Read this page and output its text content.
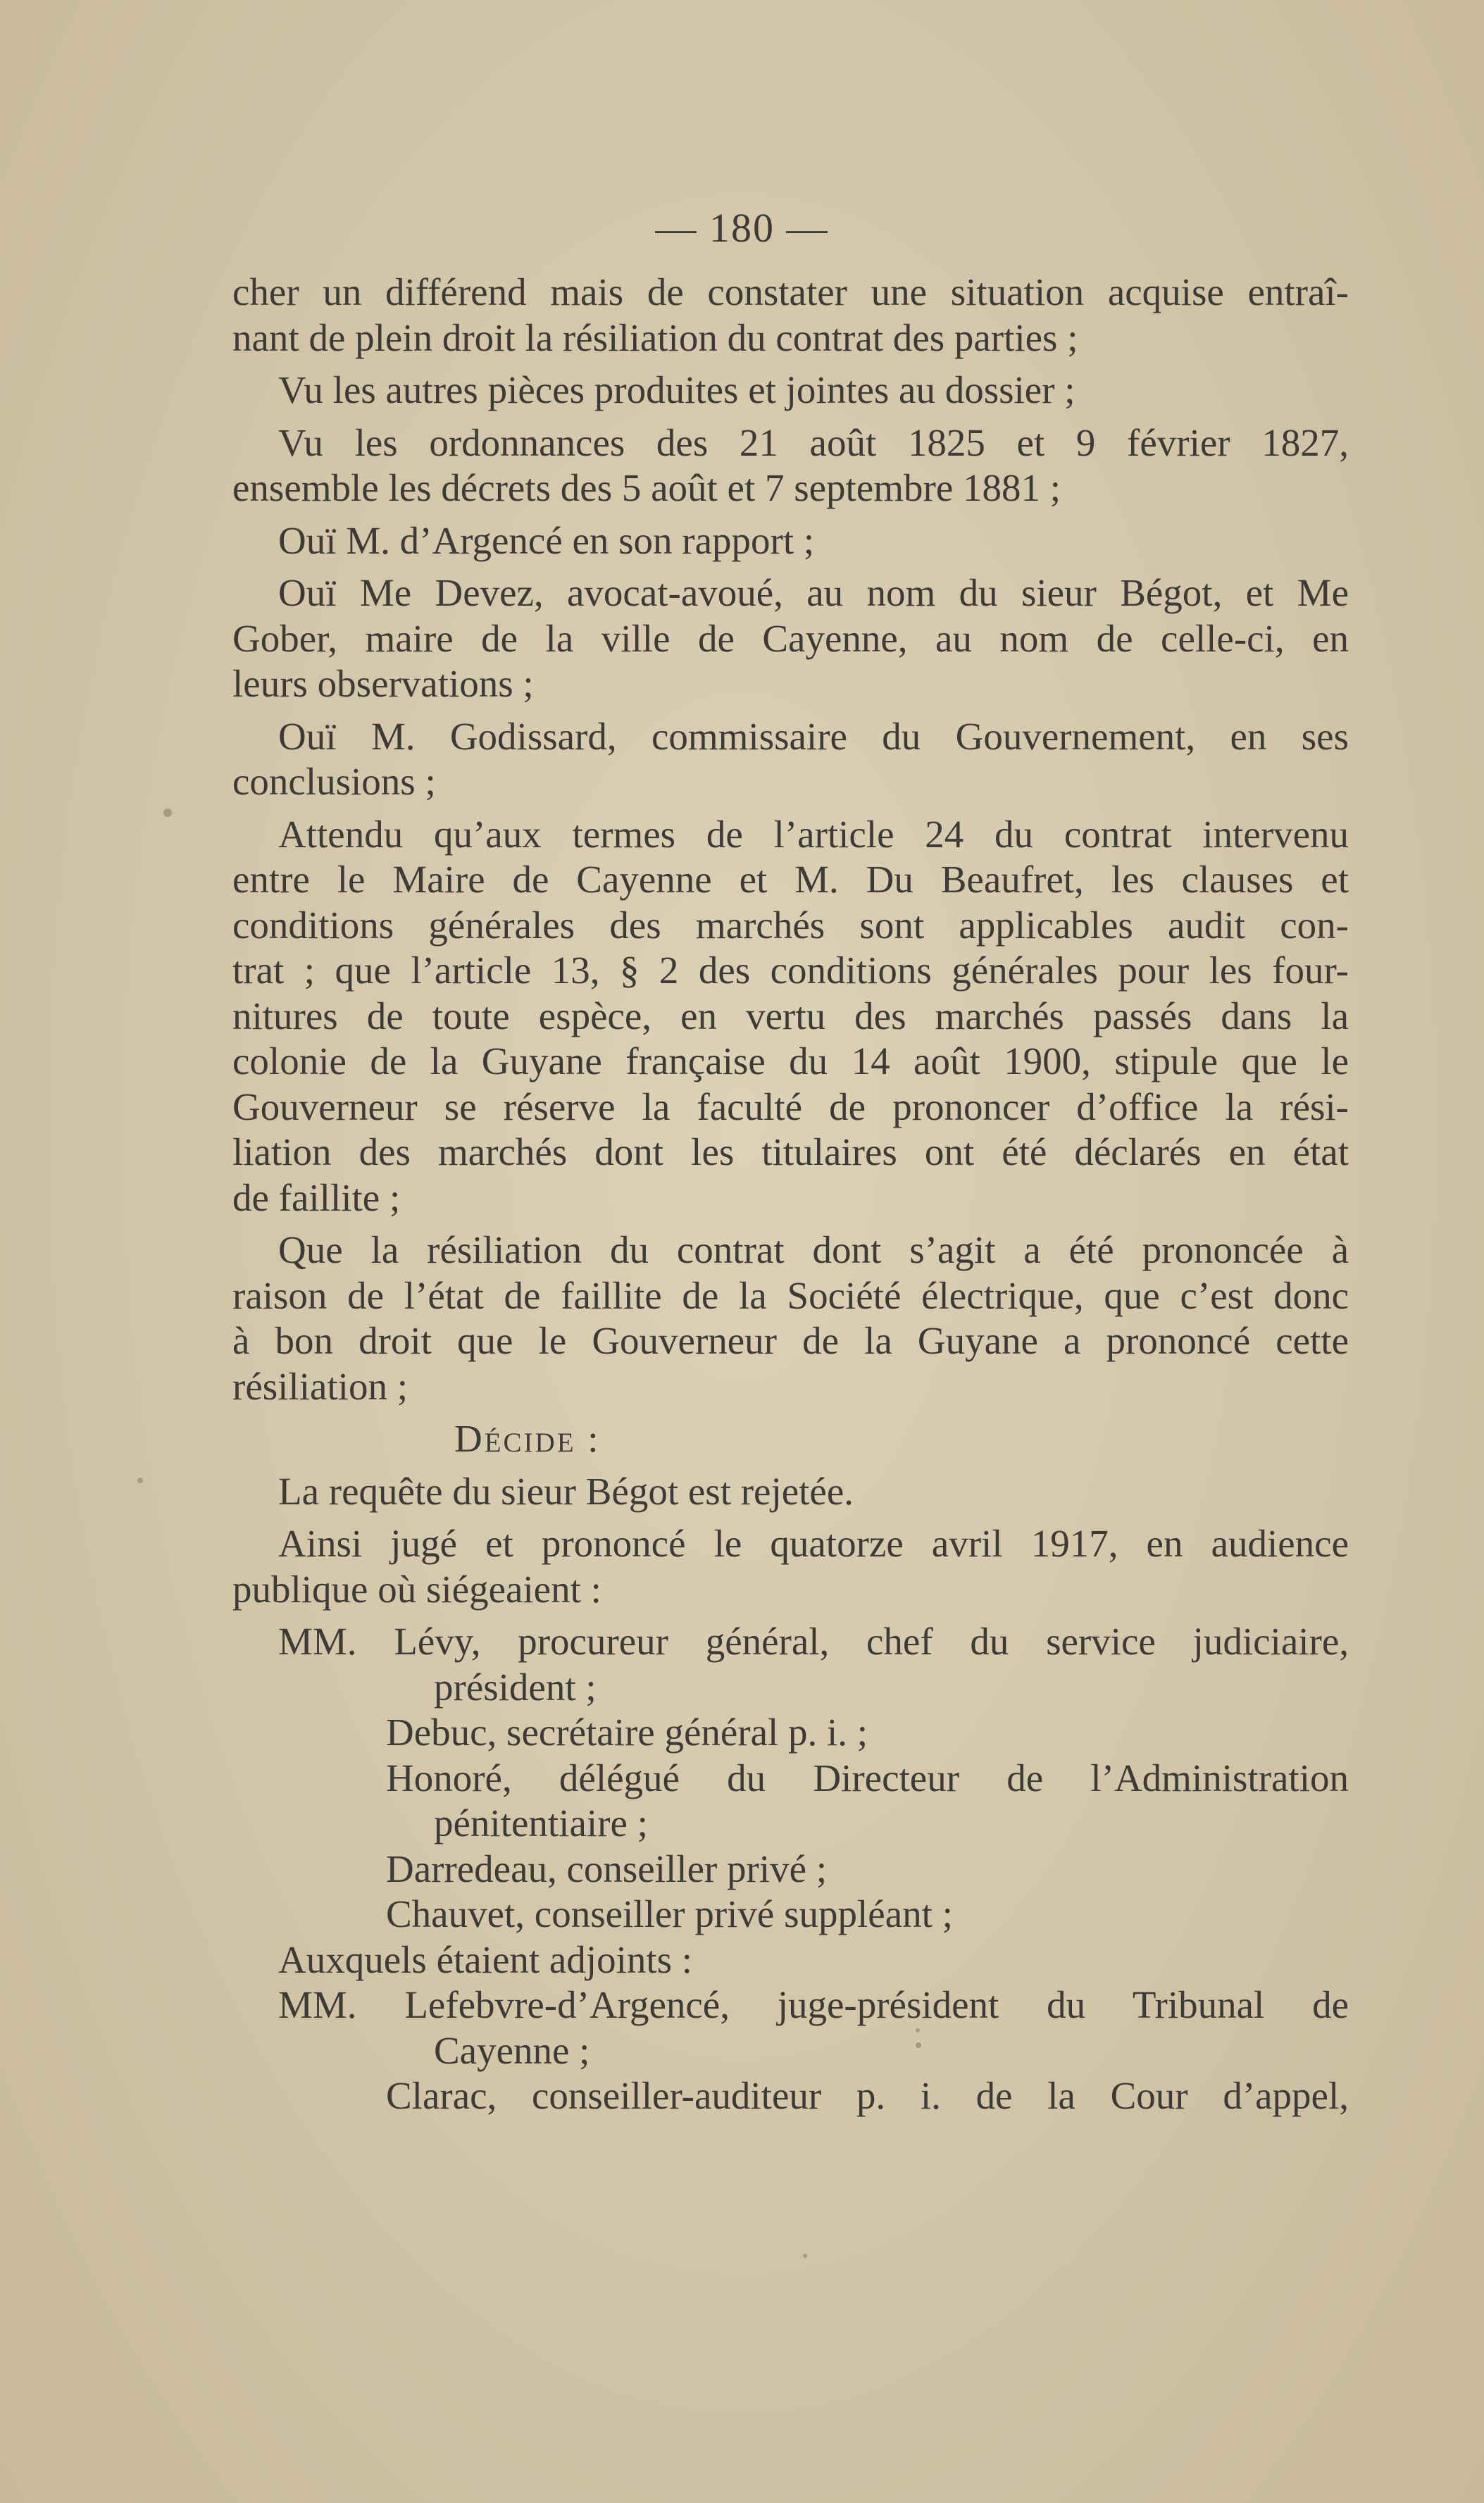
— 180 —
cher un différend mais de constater une situation acquise entraî-
nant de plein droit la résiliation du contrat des parties ;
Vu les autres pièces produites et jointes au dossier ;
Vu les ordonnances des 21 août 1825 et 9 février 1827,
ensemble les décrets des 5 août et 7 septembre 1881 ;
Ouï M. d’Argencé en son rapport ;
Ouï Me Devez, avocat-avoué, au nom du sieur Bégot, et Me
Gober, maire de la ville de Cayenne, au nom de celle-ci, en
leurs observations ;
Ouï M. Godissard, commissaire du Gouvernement, en ses
conclusions ;
Attendu qu’aux termes de l’article 24 du contrat intervenu
entre le Maire de Cayenne et M. Du Beaufret, les clauses et
conditions générales des marchés sont applicables audit con-
trat ; que l’article 13, § 2 des conditions générales pour les four-
nitures de toute espèce, en vertu des marchés passés dans la
colonie de la Guyane française du 14 août 1900, stipule que le
Gouverneur se réserve la faculté de prononcer d’office la rési-
liation des marchés dont les titulaires ont été déclarés en état
de faillite ;
Que la résiliation du contrat dont s’agit a été prononcée à
raison de l’état de faillite de la Société électrique, que c’est donc
à bon droit que le Gouverneur de la Guyane a prononcé cette
résiliation ;
Décide :
La requête du sieur Bégot est rejetée.
Ainsi jugé et prononcé le quatorze avril 1917, en audience
publique où siégeaient :
MM. Lévy, procureur général, chef du service judiciaire,
président ;
Debuc, secrétaire général p. i. ;
Honoré, délégué du Directeur de l’Administration
pénitentiaire ;
Darredeau, conseiller privé ;
Chauvet, conseiller privé suppléant ;
Auxquels étaient adjoints :
MM. Lefebvre-d’Argencé, juge-président du Tribunal de
Cayenne ;
Clarac, conseiller-auditeur p. i. de la Cour d’appel,
